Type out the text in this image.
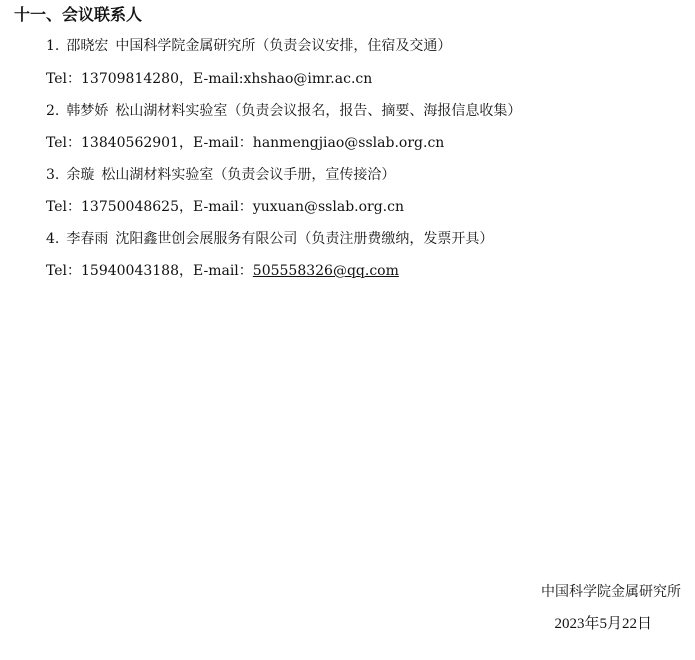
十一、会议联系人
1. 邵晓宏 中国科学院金属研究所（负责会议安排，住宿及交通）
Tel：13709814280，E-mail:xhshao@imr.ac.cn
2. 韩梦娇 松山湖材料实验室（负责会议报名，报告、摘要、海报信息收集）
Tel：13840562901，E-mail：hanmengjiao@sslab.org.cn
3. 余璇 松山湖材料实验室（负责会议手册，宣传接洽）
Tel：13750048625，E-mail：yuxuan@sslab.org.cn
4. 李春雨 沈阳鑫世创会展服务有限公司（负责注册费缴纳，发票开具）
Tel：15940043188，E-mail：505558326@qq.com
中国科学院金属研究所
2023年5月22日
